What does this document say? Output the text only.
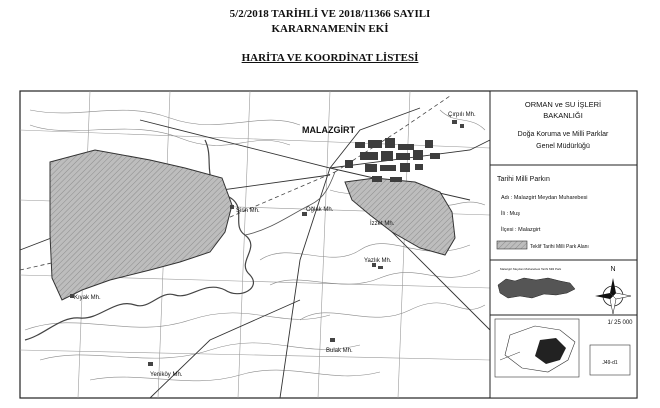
5/2/2018 TARİHLİ VE 2018/11366 SAYILI
KARARNAMENİN EKİ
HARİTA VE KOORDİNAT LİSTESİ
MALAZGİRT
Çırpılı Mh.
Oğlak Mh.
İzzet Mh.
Yazlık Mh.
Kıyak Mh.
Bulak Mh.
Yeniköy Mh.
Şirin Mh.
ORMAN ve SU İŞLERİ
BAKANLIĞI
Doğa Koruma ve Milli Parklar
Genel Müdürlüğü
Tarihi Milli Parkın
Adı : Malazgirt Meydan Muharebesi
İli : Muş
İlçesi : Malazgirt
Teklif Tarihi Milli Park Alanı
Malazgirt Meydan Muharebesi Tarihi Milli Park	N
1/ 25 000
J49-d1
